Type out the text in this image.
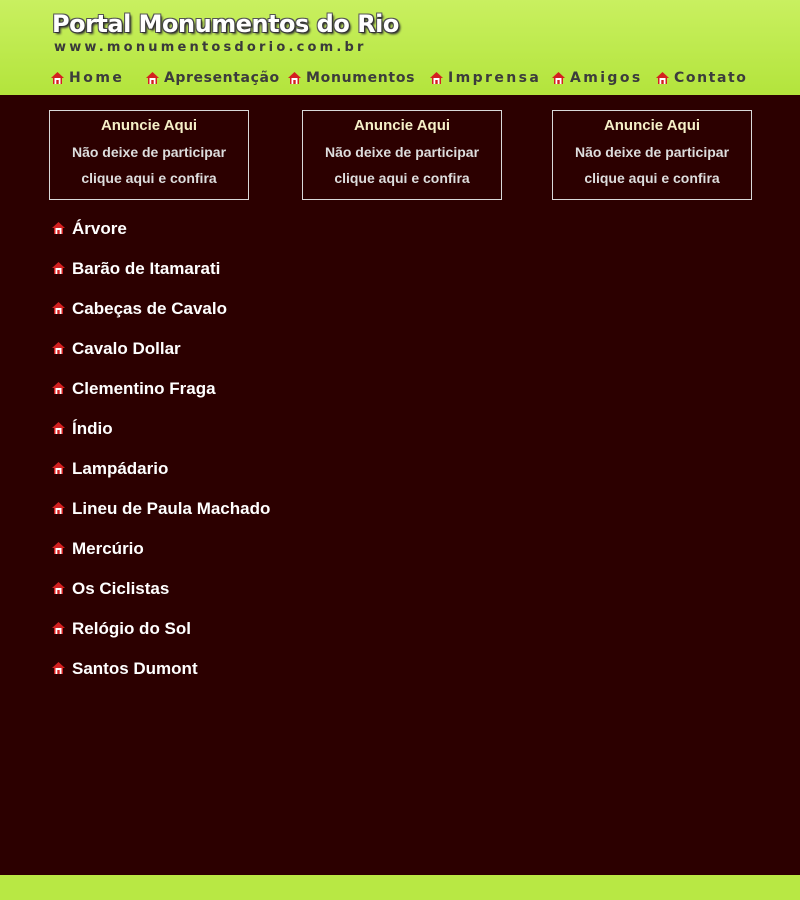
Portal Monumentos do Rio
www.monumentosdorio.com.br
Home	Apresentação Monumentos Imprensa Amigos Contato
Anuncie Aqui
Não deixe de participar
clique aqui e confira
Anuncie Aqui
Não deixe de participar
clique aqui e confira
Anuncie Aqui
Não deixe de participar
clique aqui e confira
Árvore
Barão de Itamarati
Cabeças de Cavalo
Cavalo Dollar
Clementino Fraga
Índio
Lampádario
Lineu de Paula Machado
Mercúrio
Os Ciclistas
Relógio do Sol
Santos Dumont
